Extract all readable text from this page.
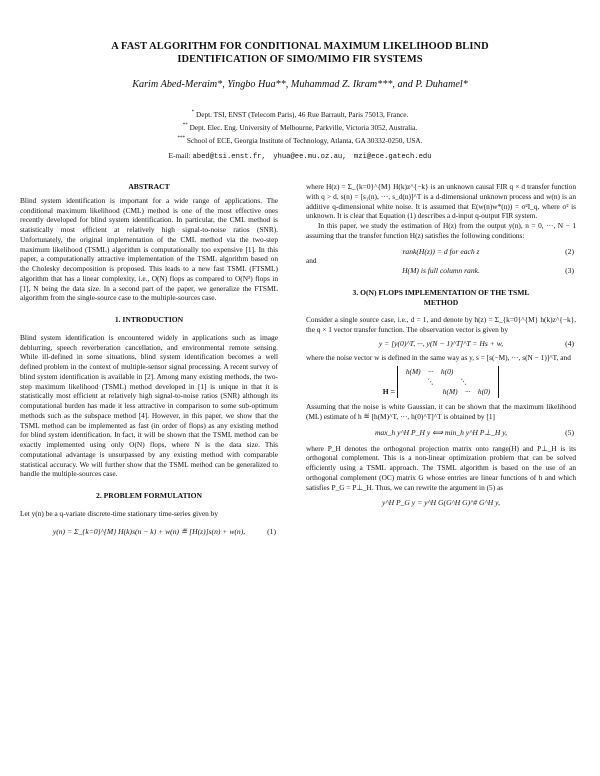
A FAST ALGORITHM FOR CONDITIONAL MAXIMUM LIKELIHOOD BLIND
IDENTIFICATION OF SIMO/MIMO FIR SYSTEMS
Karim Abed-Meraim*, Yingbo Hua**, Muhammad Z. Ikram***, and P. Duhamel*
* Dept. TSI, ENST (Telecom Paris), 46 Rue Barrault, Paris 75013, France.
** Dept. Elec. Eng. University of Melbourne, Parkville, Victoria 3052, Australia.
*** School of ECE, Georgia Institute of Technology, Atlanta, GA 30332-0250, USA.
E-mail: abed@tsi.enst.fr, yhua@ee.mu.oz.au, mzi@ece.gatech.edu
ABSTRACT

Blind system identification is important for a wide range of applications. The conditional maximum likelihood (CML) method is one of the most effective ones recently developed for blind system identification. In particular, the CML method is statistically most efficient at relatively high signal-to-noise ratios (SNR). Unfortunately, the original implementation of the CML method via the two-step maximum likelihood (TSML) algorithm is computationally too expensive [1]. In this paper, a computationally attractive implementation of the TSML algorithm based on the Cholesky decomposition is proposed. This leads to a new fast TSML (FTSML) algorithm that has a linear complexity, i.e., O(N) flops as compared to O(N³) flops in [1], N being the data size. In a second part of the paper, we generalize the FTSML algorithm from the single-source case to the multiple-sources case.

1. INTRODUCTION

Blind system identification is encountered widely in applications such as image deblurring, speech reverberation cancellation, and environmental remote sensing. While ill-defined in some situations, blind system identification becomes a well defined problem in the context of multiple-sensor signal processing. A recent survey of blind system identification is available in [2]. Among many existing methods, the two-step maximum likelihood (TSML) method developed in [1] is unique in that it is statistically most efficient at relatively high signal-to-noise ratios (SNR) although its computational burden has made it less attractive in comparison to some sub-optimum methods such as the subspace method [4]. However, in this paper, we show that the TSML method can be implemented as fast (in order of flops) as any existing method for blind system identification. In fact, it will be shown that the TSML method can be exactly implemented using only O(N) flops, where N is the data size. This computational advantage is unsurpassed by any existing method with comparable statistical accuracy. We will further show that the TSML method can be generalized to handle the multiple-sources case.

2. PROBLEM FORMULATION

Let y(n) be a q-variate discrete-time stationary time-series given by

y(n) = Σ_{k=0}^{M} H(k)s(n − k) + w(n) ≝ [H(z)]s(n) + w(n),	(1)

where H(z) = Σ_{k=0}^{M} H(k)z^{−k} is an unknown causal FIR q × d transfer function with q > d, s(n) = [s₁(n), ···, s_d(n)]^T is a d-dimensional unknown process and w(n) is an additive q-dimensional white noise. It is assumed that E(w(n)w*(n)) = σ²I_q, where σ² is unknown. It is clear that Equation (1) describes a d-input q-output FIR system.

In this paper, we study the estimation of H(z) from the output y(n), n = 0, ···, N − 1 assuming that the transfer function H(z) satisfies the following conditions:

rank(H(z)) = d for each z	(2)
and
H(M) is full column rank.	(3)
3. O(N) FLOPS IMPLEMENTATION OF THE TSML
METHOD

Consider a single source case, i.e., d = 1, and denote by h(z) = Σ_{k=0}^{M} h(k)z^{−k}, the q × 1 vector transfer function. The observation vector is given by

y = [y(0)^T, ···, y(N − 1)^T]^T = Hs + w,	(4)

where the noise vector w is defined in the same way as y, s = [s(−M), ···, s(N − 1)]^T, and

H =
h(M)    ···    h(0)
⋱              ⋱
h(M)    ···    h(0)

Assuming that the noise is white Gaussian, it can be shown that the maximum likelihood (ML) estimate of h ≝ [h(M)^T, ···, h(0)^T]^T is obtained by [1]

max_h y^H P_H y ⟺ min_h y^H P⊥_H y,	(5)

where P_H denotes the orthogonal projection matrix onto range(H) and P⊥_H is its orthogonal complement. This is a non-linear optimization problem that can be solved efficiently using a TSML approach. The TSML algorithm is based on the use of an orthogonal complement (OC) matrix G whose entries are linear functions of h and which satisfies P_G = P⊥_H. Thus, we can rewrite the argument in (5) as

y^H P_G y = y^H G(G^H G)^# G^H y,
